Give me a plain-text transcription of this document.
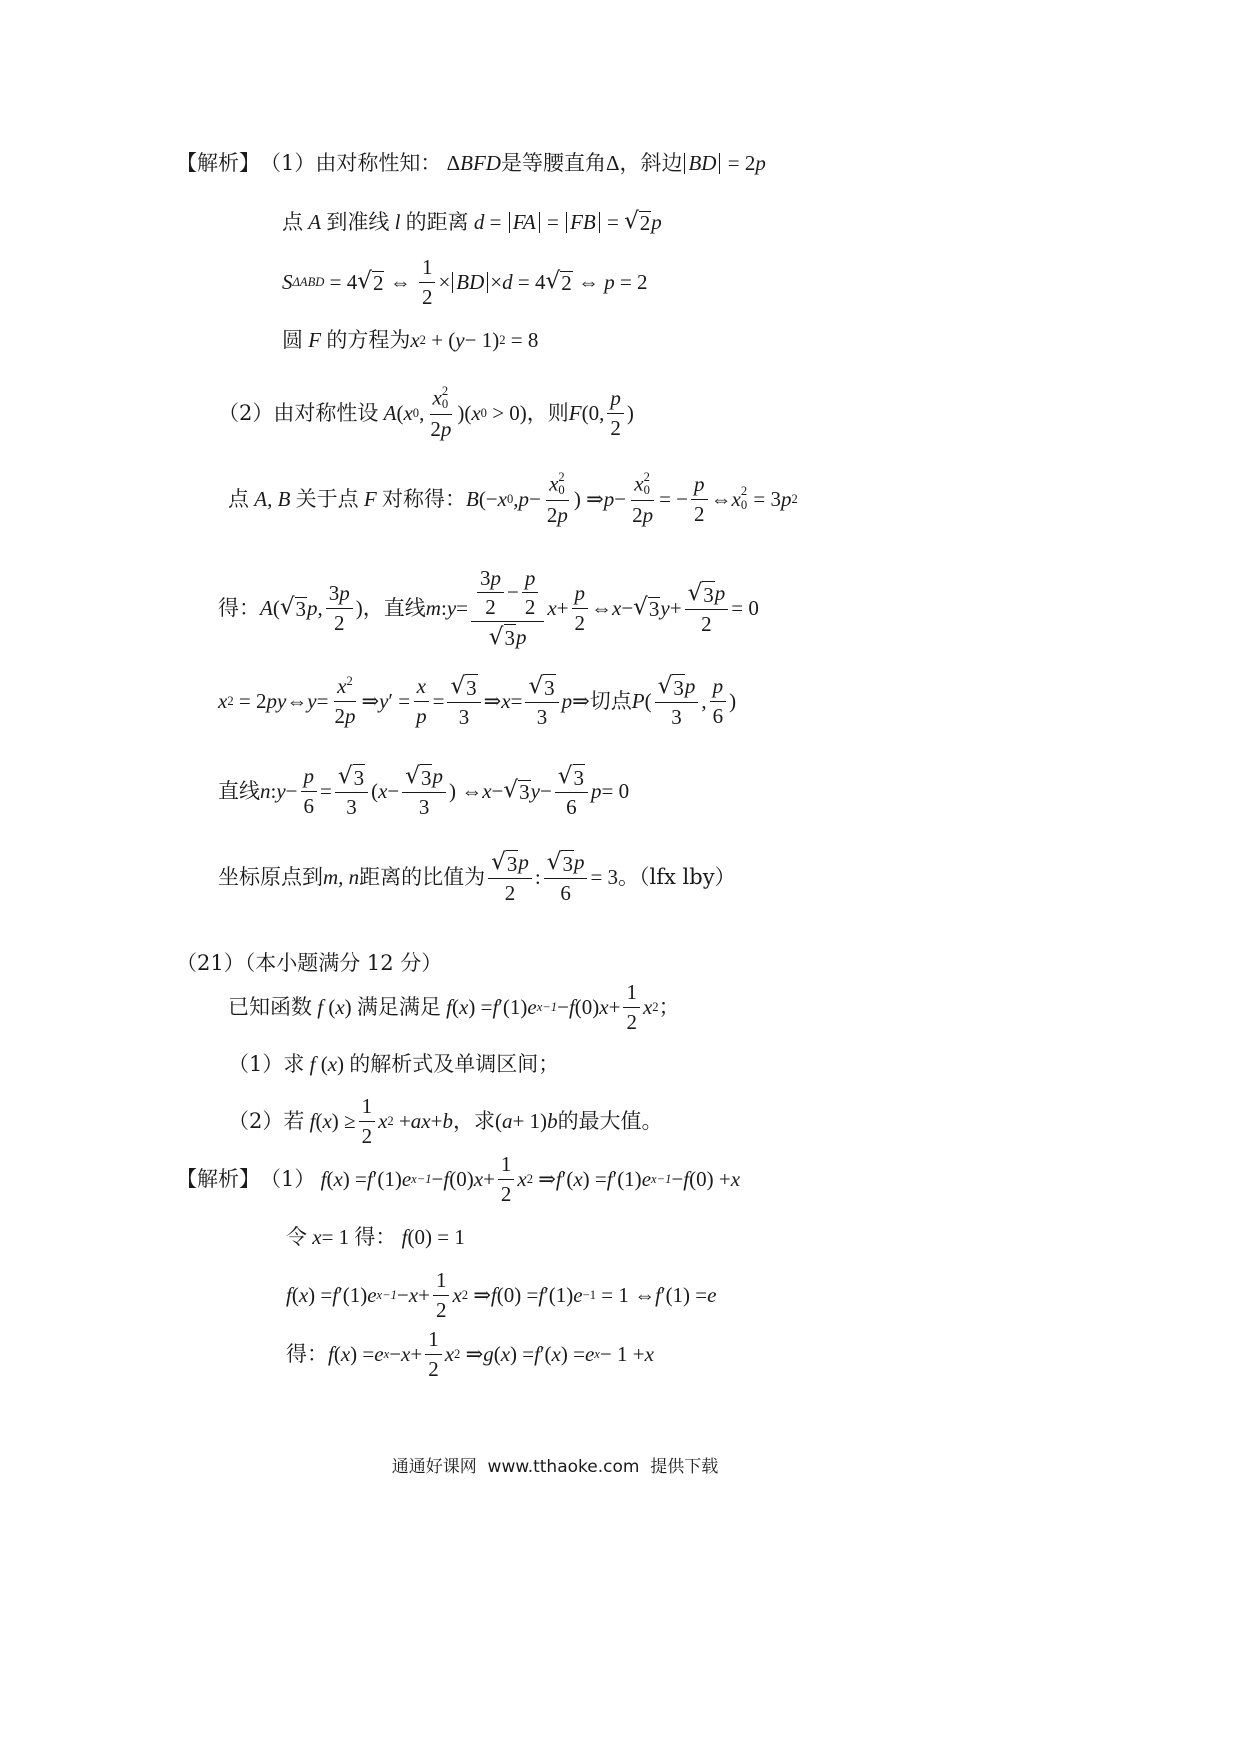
【解析】 （1）由对称性知： Δ BFD 是等腰直角 Δ ，斜边 BD = 2 p
点 A 到准线 l 的距离 d = FA = FB = √ 2 p
S ΔABD = 4 √ 2 ⇔ $\frac{1}{2}$ × BD × d = 4 √ 2 ⇔ p = 2
圆 F 的方程为 x 2 + ( y − 1) 2 = 8
（2）由对称性设 A ( x 0 , x 2
0
2p )( x 0 > 0) ，则 F (0, $\frac{p}{2}$ )
点 A, B 关于点 F 对称得： B (− x 0 , p − x 2
0
2p ) ⇒ p − x 2
0
2p = − $\frac{p}{2}$ ⇔ x 2
0 = 3 p 2
得： A ( √ 3 p , $\frac{3p}{2}$ ) ，直线 m : $y = \frac{\frac{3p}{2} - \frac{p}{2}}{√ 3 p}$ $x + \frac{p}{2}$ ⇔ x − √ 3 $y + \frac{√ 3 p}{2} = 0$
x 2 = 2 py ⇔ $y = \frac{x^2}{2p}$ ⇒ y ′ = $\frac{x}{p} = \frac{√ 3}{3}$ ⇒ $x = \frac{√ 3}{3}$ p ⇒ 切点 P ( $\frac{√ 3 p}{3}$ , $\frac{p}{6}$ )
直线 n : $y - \frac{p}{6} = \frac{√ 3}{3}$ ( $x - \frac{√ 3 p}{3}$ ) ⇔ x − √ 3 $y - \frac{√ 3}{6}$ p = 0
坐标原点到 m, n 距离的比值为 $\frac{√ 3 p}{2}$ : $\frac{√ 3 p}{6} = 3$ 。（lfx lby）
（21）（本小题满分 12 分）
已知函数 f ( x ) 满足满足 f ( x ) = f ′(1) e x−1 − f (0) $x + \frac{1}{2}$ x 2 ；
（1）求 f ( x ) 的解析式及单调区间；
（2）若 f ( x ) ≥ $\frac{1}{2}$ x 2 + ax + b ，求 ( a + 1) b 的最大值。
【解析】 （1） f ( x ) = f ′(1) e x−1 − f (0) $x + \frac{1}{2}$ x 2 ⇒ f ′( x ) = f ′(1) e x−1 − f (0) + x
令 x = 1 得： f (0) = 1
f ( x ) = f ′(1) e $x-1 - x + \frac{1}{2}$ x 2 ⇒ f (0) = f ′(1) e −1 = 1 ⇔ f ′(1) = e
得： f ( x ) = e $x - x + \frac{1}{2}$ x 2 ⇒ g ( x ) = f ′( x ) = e x − 1 + x
通通好课网  www.tthaoke.com  提供下载
